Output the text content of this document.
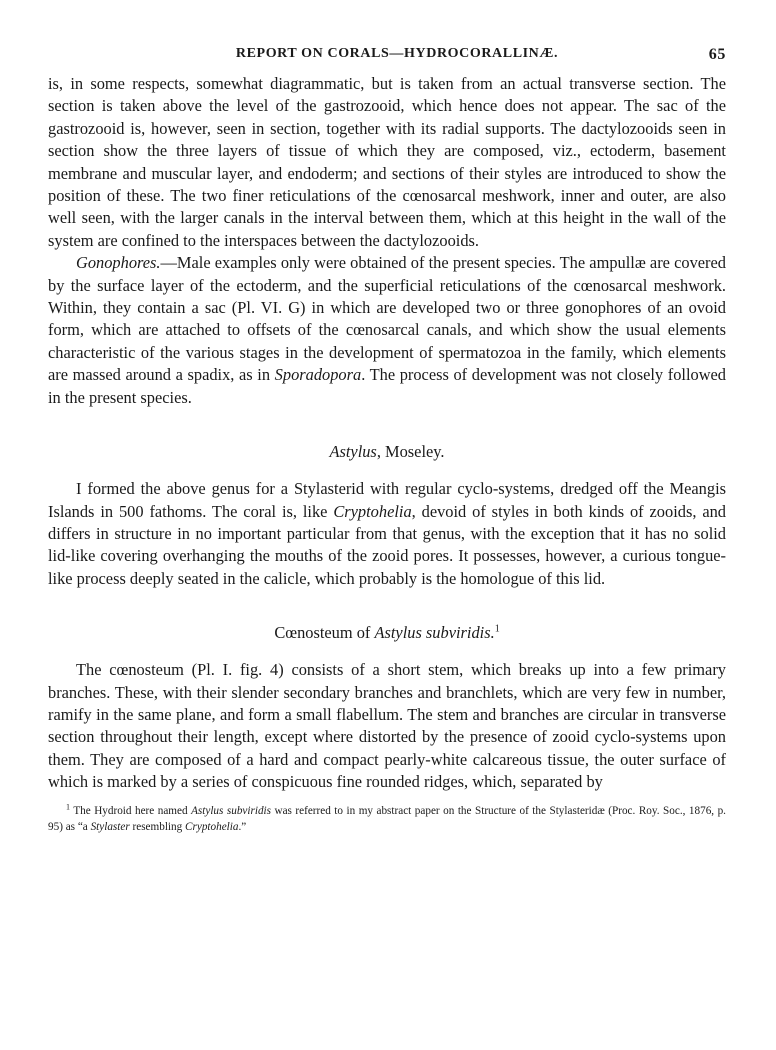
REPORT ON CORALS—HYDROCORALLINÆ.	65

is, in some respects, somewhat diagrammatic, but is taken from an actual transverse section. The section is taken above the level of the gastrozooid, which hence does not appear. The sac of the gastrozooid is, however, seen in section, together with its radial supports. The dactylozooids seen in section show the three layers of tissue of which they are composed, viz., ectoderm, basement membrane and muscular layer, and endoderm; and sections of their styles are introduced to show the position of these. The two finer reticulations of the cœnosarcal meshwork, inner and outer, are also well seen, with the larger canals in the interval between them, which at this height in the wall of the system are confined to the interspaces between the dactylozooids.

Gonophores.—Male examples only were obtained of the present species. The ampullæ are covered by the surface layer of the ectoderm, and the superficial reticulations of the cœnosarcal meshwork. Within, they contain a sac (Pl. VI. G) in which are developed two or three gonophores of an ovoid form, which are attached to offsets of the cœnosarcal canals, and which show the usual elements characteristic of the various stages in the development of spermatozoa in the family, which elements are massed around a spadix, as in Sporadopora. The process of development was not closely followed in the present species.

Astylus, Moseley.

I formed the above genus for a Stylasterid with regular cyclo-systems, dredged off the Meangis Islands in 500 fathoms. The coral is, like Cryptohelia, devoid of styles in both kinds of zooids, and differs in structure in no important particular from that genus, with the exception that it has no solid lid-like covering overhanging the mouths of the zooid pores. It possesses, however, a curious tongue-like process deeply seated in the calicle, which probably is the homologue of this lid.

Cœnosteum of Astylus subviridis.$^1$

The cœnosteum (Pl. I. fig. 4) consists of a short stem, which breaks up into a few primary branches. These, with their slender secondary branches and branchlets, which are very few in number, ramify in the same plane, and form a small flabellum. The stem and branches are circular in transverse section throughout their length, except where distorted by the presence of zooid cyclo-systems upon them. They are composed of a hard and compact pearly-white calcareous tissue, the outer surface of which is marked by a series of conspicuous fine rounded ridges, which, separated by

$^1$ The Hydroid here named Astylus subviridis was referred to in my abstract paper on the Structure of the Stylasteridæ (Proc. Roy. Soc., 1876, p. 95) as “a Stylaster resembling Cryptohelia.”
